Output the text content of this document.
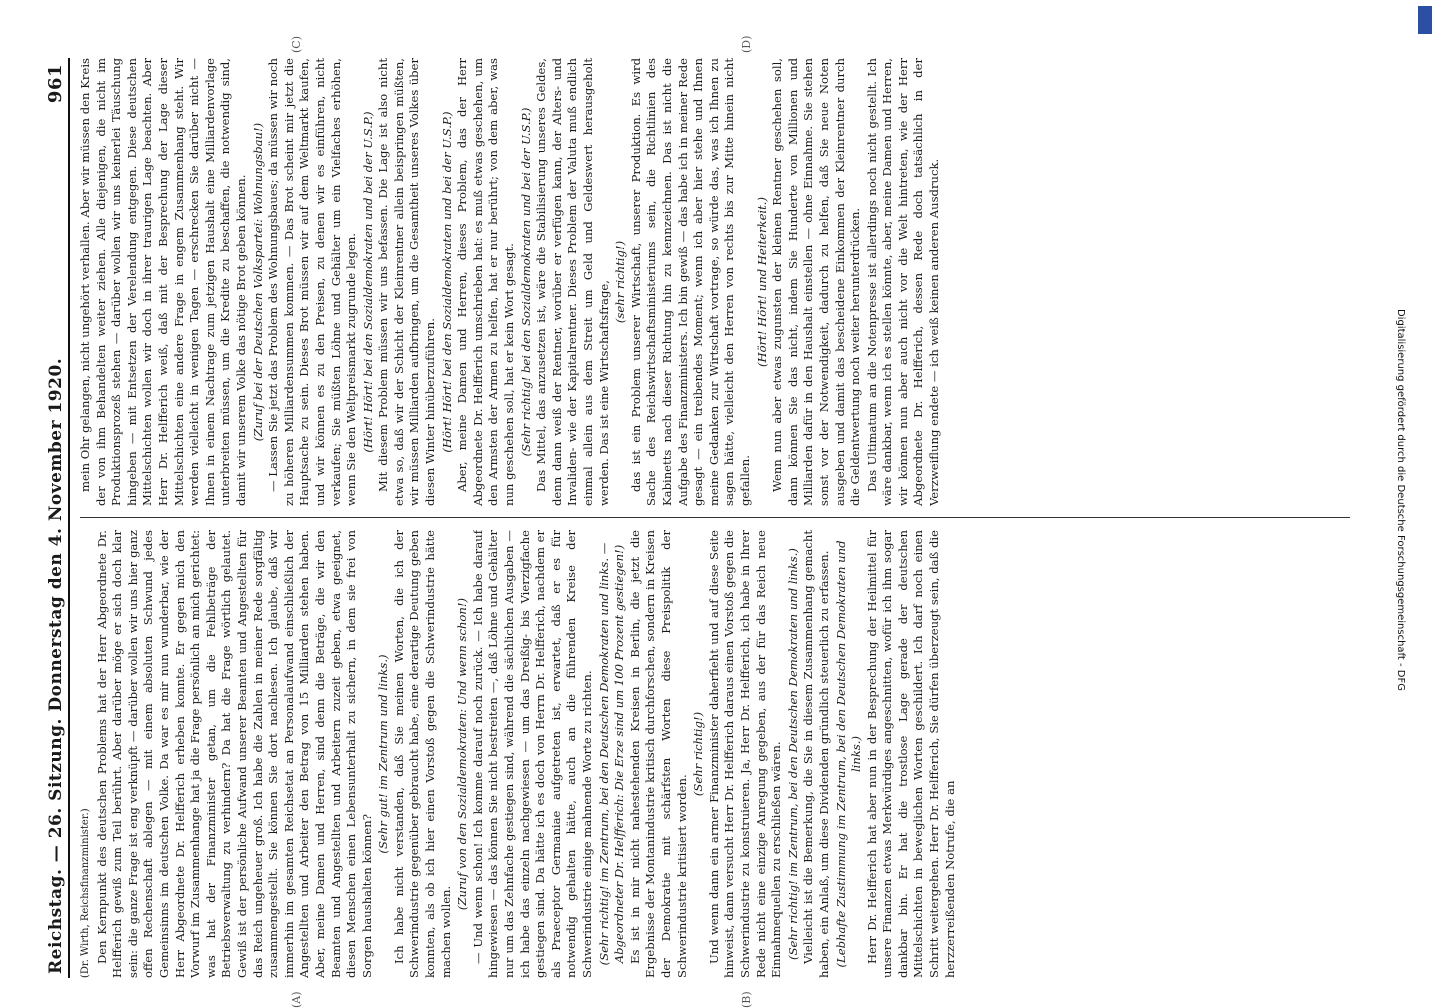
Reichstag. — 26. Sitzung. Donnerstag den 4. November 1920.
961

(Dr. Wirth, Reichsfinanzminister.) Den Kernpunkt des deutschen Problems hat der Herr Abgeordnete Dr. Helfferich gewiß zum Teil berührt. Aber darüber möge er sich doch klar sein: die ganze Frage ist eng verknüpft — darüber wollen wir uns hier ganz offen Rechenschaft ablegen — mit einem absoluten Schwund jedes Gemeinsinns im deutschen Volke. Da war es mir nun wunderbar, wie der Herr Abgeordnete Dr. Helfferich erheben konnte. Er gegen mich den Vorwurf im Zusammenhange hat ja die Frage persönlich an mich gerichtet: was hat der Finanzminister getan, um die Fehlbeträge der Betriebsverwaltung zu verhindern? Da hat die Frage wörtlich gelautet. Gewiß ist der persönliche Aufwand unserer Beamten und Angestellten für das Reich ungeheuer groß. Ich habe die Zahlen in meiner Rede sorgfältig zusammengestellt. Sie können Sie dort nachlesen. Ich glaube, daß wir immerhin im gesamten Reichsetat an Personalaufwand einschließlich der Angestellten und Arbeiter den Betrag von 15 Milliarden stehen haben. Aber, meine Damen und Herren, sind denn die Beträge, die wir den Beamten und Angestellten und Arbeitern zuzeit geben, etwa geeignet, diesen Menschen einen Lebensunterhalt zu sichern, in dem sie frei von Sorgen haushalten können?

(Sehr gut! im Zentrum und links.) Ich habe nicht verstanden, daß Sie meinen Worten, die ich der Schwerindustrie gegenüber gebraucht habe, eine derartige Deutung geben konnten, als ob ich hier einen Vorstoß gegen die Schwerindustrie hätte machen wollen.

(Zuruf von den Sozialdemokraten: Und wenn schon!) — Und wenn schon! Ich komme darauf noch zurück. — Ich habe darauf hingewiesen — das können Sie nicht bestreiten —, daß Löhne und Gehälter nur um das Zehnfache gestiegen sind, während die sächlichen Ausgaben — ich habe das einzeln nachgewiesen — um das Dreißig- bis Vierzigfache gestiegen sind. Da hätte ich es doch von Herrn Dr. Helfferich, nachdem er als Praeceptor Germaniae aufgetreten ist, erwartet, daß er es für notwendig gehalten hätte, auch an die führenden Kreise der Schwerindustrie einige mahnende Worte zu richten. (Sehr richtig! im Zentrum, bei den Deutschen Demokraten und links. — Abgeordneter Dr. Helfferich: Die Erze sind um 100 Prozent gestiegen!) Es ist in mir nicht nahestehenden Kreisen in Berlin, die jetzt die Ergebnisse der Montanindustrie kritisch durchforschen, sondern in Kreisen der Demokratie mit schärfsten Worten diese Preispolitik der Schwerindustrie kritisiert worden.

(Sehr richtig!) Und wenn dann ein armer Finanzminister daherfieht und auf diese Seite hinweist, dann versucht Herr Dr. Helfferich daraus einen Vorstoß gegen die Schwerindustrie zu konstruieren. Ja, Herr Dr. Helfferich, ich habe in Ihrer Rede nicht eine einzige Anregung gegeben, aus der für das Reich neue Einnahmequellen zu erschließen wären. (Sehr richtig! im Zentrum, bei den Deutschen Demokraten und links.) Vielleicht ist die Bemerkung, die Sie in diesem Zusammenhang gemacht haben, ein Anlaß, um diese Dividenden gründlich steuerlich zu erfassen. (Lebhafte Zustimmung im Zentrum, bei den Deutschen Demokraten und links.) Herr Dr. Helfferich hat aber nun in der Besprechung der Heilmittel für unsere Finanzen etwas Merkwürdiges angeschnitten, wofür ich ihm sogar dankbar bin. Er hat die trostlose Lage gerade der deutschen Mittelschichten in beweglichen Worten geschildert. Ich darf noch einen Schritt weitergehen. Herr Dr. Helfferich, Sie dürfen überzeugt sein, daß die herzzerreißenden Notrufe, die an

mein Ohr gelangen, nicht ungehört verhallen. Aber wir müssen den Kreis der von ihm Behandelten weiter ziehen. Alle diejenigen, die nicht im Produktionsprozeß stehen — darüber wollen wir uns keinerlei Täuschung hingeben — mit Entsetzen der Verelendung entgegen. Diese deutschen Mittelschichten wollen wir doch in ihrer traurigen Lage beachten. Aber Herr Dr. Helfferich weiß, daß mit der Besprechung der Lage dieser Mittelschichten eine andere Frage in engem Zusammenhang steht. Wir werden vielleicht in wenigen Tagen — erschrecken Sie darüber nicht — Ihnen in einem Nachtrage zum jetzigen Haushalt eine Milliardenvorlage unterbreiten müssen, um die Kredite zu beschaffen, die notwendig sind, damit wir unserem Volke das nötige Brot geben können. (Zuruf bei der Deutschen Volkspartei: Wohnungsbau!) — Lassen Sie jetzt das Problem des Wohnungsbaues; da müssen wir noch zu höheren Milliardensummen kommen. — Das Brot scheint mir jetzt die Hauptsache zu sein. Dieses Brot müssen wir auf dem Weltmarkt kaufen, und wir können es zu den Preisen, zu denen wir es einführen, nicht verkaufen; Sie müßten Löhne und Gehälter um ein Vielfaches erhöhen, wenn Sie den Weltpreismarkt zugrunde legen. (Hört! Hört! bei den Sozialdemokraten und bei der U.S.P.) Mit diesem Problem müssen wir uns befassen. Die Lage ist also nicht etwa so, daß wir der Schicht der Kleinrentner allein beispringen müßten, wir müssen Milliarden aufbringen, um die Gesamtheit unseres Volkes über diesen Winter hinüberzuführen. (Hört! Hört! bei den Sozialdemokraten und bei der U.S.P.) Aber, meine Damen und Herren, dieses Problem, das der Herr Abgeordnete Dr. Helfferich umschrieben hat: es muß etwas geschehen, um den Armsten der Armen zu helfen, hat er nur berührt; von dem aber, was nun geschehen soll, hat er kein Wort gesagt. (Sehr richtig! bei den Sozialdemokraten und bei der U.S.P.) Das Mittel, das anzusetzen ist, wäre die Stabilisierung unseres Geldes, denn dann weiß der Rentner, worüber er verfügen kann, der Alters- und Invaliden- wie der Kapitalrentner. Dieses Problem der Valuta muß endlich einmal allein aus dem Streit um Geld und Geldeswert herausgeholt werden. Das ist eine Wirtschaftsfrage, (sehr richtig!) das ist ein Problem unserer Wirtschaft, unserer Produktion. Es wird Sache des Reichswirtschaftsministeriums sein, die Richtlinien des Kabinetts nach dieser Richtung hin zu kennzeichnen. Das ist nicht die Aufgabe des Finanzministers. Ich bin gewiß — das habe ich in meiner Rede gesagt — ein treibendes Moment; wenn ich aber hier stehe und Ihnen meine Gedanken zur Wirtschaft vortrage, so würde das, was ich Ihnen zu sagen hätte, vielleicht den Herren von rechts bis zur Mitte hinein nicht gefallen.

(Hört! Hört! und Heiterkeit.) Wenn nun aber etwas zugunsten der kleinen Rentner geschehen soll, dann können Sie das nicht, indem Sie Hunderte von Millionen und Milliarden dafür in den Haushalt einstellen — ohne Einnahme. Sie stehen sonst vor der Notwendigkeit, dadurch zu helfen, daß Sie neue Noten ausgeben und damit das bescheidene Einkommen der Kleinrentner durch die Geldentwertung noch weiter herunterdrücken. Das Ultimatum an die Notenpresse ist allerdings noch nicht gestellt. Ich wäre dankbar, wenn ich es stellen könnte, aber, meine Damen und Herren, wir können nun aber auch nicht vor die Welt hintreten, wie der Herr Abgeordnete Dr. Helfferich, dessen Rede doch tatsächlich in der Verzweiflung endete — ich weiß keinen anderen Ausdruck.

(A)	(B)
(C)	(D)
Digitalisierung gefördert durch die Deutsche Forschungsgemeinschaft - DFG
